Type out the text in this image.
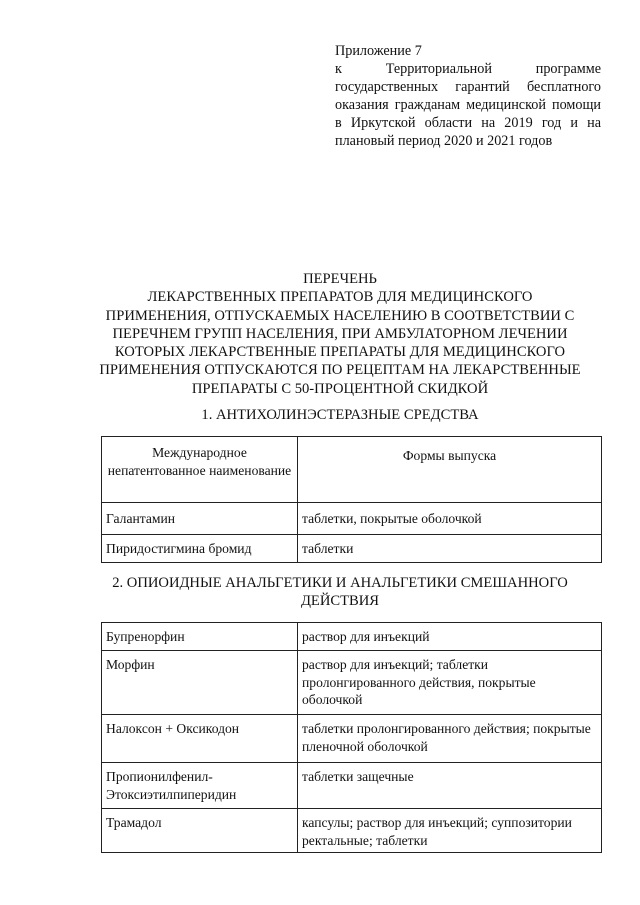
Приложение 7

к Территориальной программе государственных гарантий бесплатного оказания гражданам медицинской помощи в Иркутской области на 2019 год и на плановый период 2020 и 2021 годов

ПЕРЕЧЕНЬ
ЛЕКАРСТВЕННЫХ ПРЕПАРАТОВ ДЛЯ МЕДИЦИНСКОГО
ПРИМЕНЕНИЯ, ОТПУСКАЕМЫХ НАСЕЛЕНИЮ В СООТВЕТСТВИИ С
ПЕРЕЧНЕМ ГРУПП НАСЕЛЕНИЯ, ПРИ АМБУЛАТОРНОМ ЛЕЧЕНИИ
КОТОРЫХ ЛЕКАРСТВЕННЫЕ ПРЕПАРАТЫ ДЛЯ МЕДИЦИНСКОГО
ПРИМЕНЕНИЯ ОТПУСКАЮТСЯ ПО РЕЦЕПТАМ НА ЛЕКАРСТВЕННЫЕ
ПРЕПАРАТЫ С 50-ПРОЦЕНТНОЙ СКИДКОЙ
1. АНТИХОЛИНЭСТЕРАЗНЫЕ СРЕДСТВА
Международное непатентованное наименование	Формы выпуска
Галантамин	таблетки, покрытые оболочкой
Пиридостигмина бромид	таблетки
2. ОПИОИДНЫЕ АНАЛЬГЕТИКИ И АНАЛЬГЕТИКИ СМЕШАННОГО
ДЕЙСТВИЯ
Бупренорфин	раствор для инъекций
Морфин	раствор для инъекций; таблетки пролонгированного действия, покрытые оболочкой
Налоксон + Оксикодон	таблетки пролонгированного действия; покрытые пленочной оболочкой
Пропионилфенил-Этоксиэтилпиперидин	таблетки защечные
Трамадол	капсулы; раствор для инъекций; суппозитории ректальные; таблетки
